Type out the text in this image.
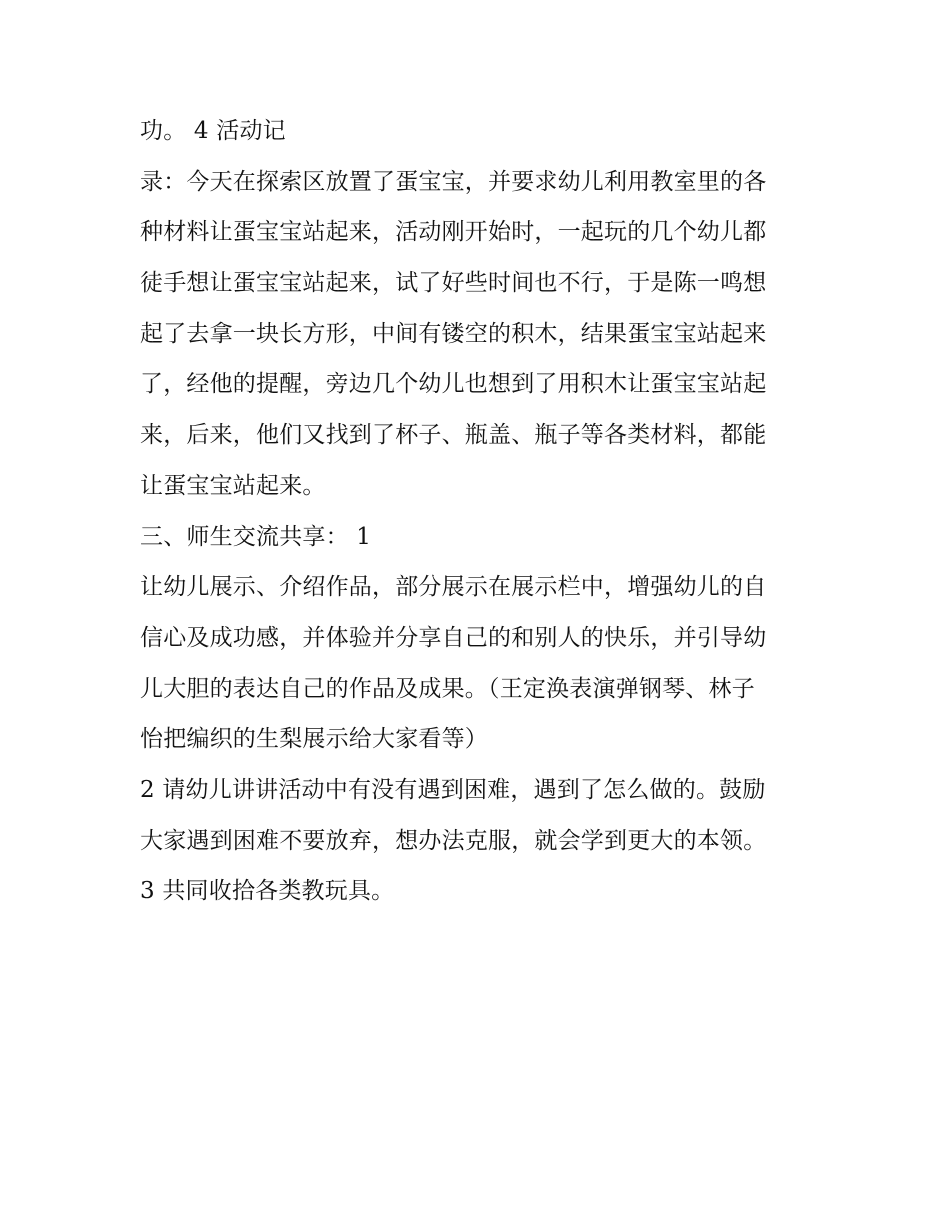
功。 4 活动记
录：今天在探索区放置了蛋宝宝，并要求幼儿利用教室里的各
种材料让蛋宝宝站起来，活动刚开始时，一起玩的几个幼儿都
徒手想让蛋宝宝站起来，试了好些时间也不行，于是陈一鸣想
起了去拿一块长方形，中间有镂空的积木，结果蛋宝宝站起来
了，经他的提醒，旁边几个幼儿也想到了用积木让蛋宝宝站起
来，后来，他们又找到了杯子、瓶盖、瓶子等各类材料，都能
让蛋宝宝站起来。
三、师生交流共享： 1
让幼儿展示、介绍作品，部分展示在展示栏中，增强幼儿的自
信心及成功感，并体验并分享自己的和别人的快乐，并引导幼
儿大胆的表达自己的作品及成果。（王定涣表演弹钢琴、林子
怡把编织的生梨展示给大家看等）
2 请幼儿讲讲活动中有没有遇到困难，遇到了怎么做的。鼓励
大家遇到困难不要放弃，想办法克服，就会学到更大的本领。
3 共同收拾各类教玩具。
